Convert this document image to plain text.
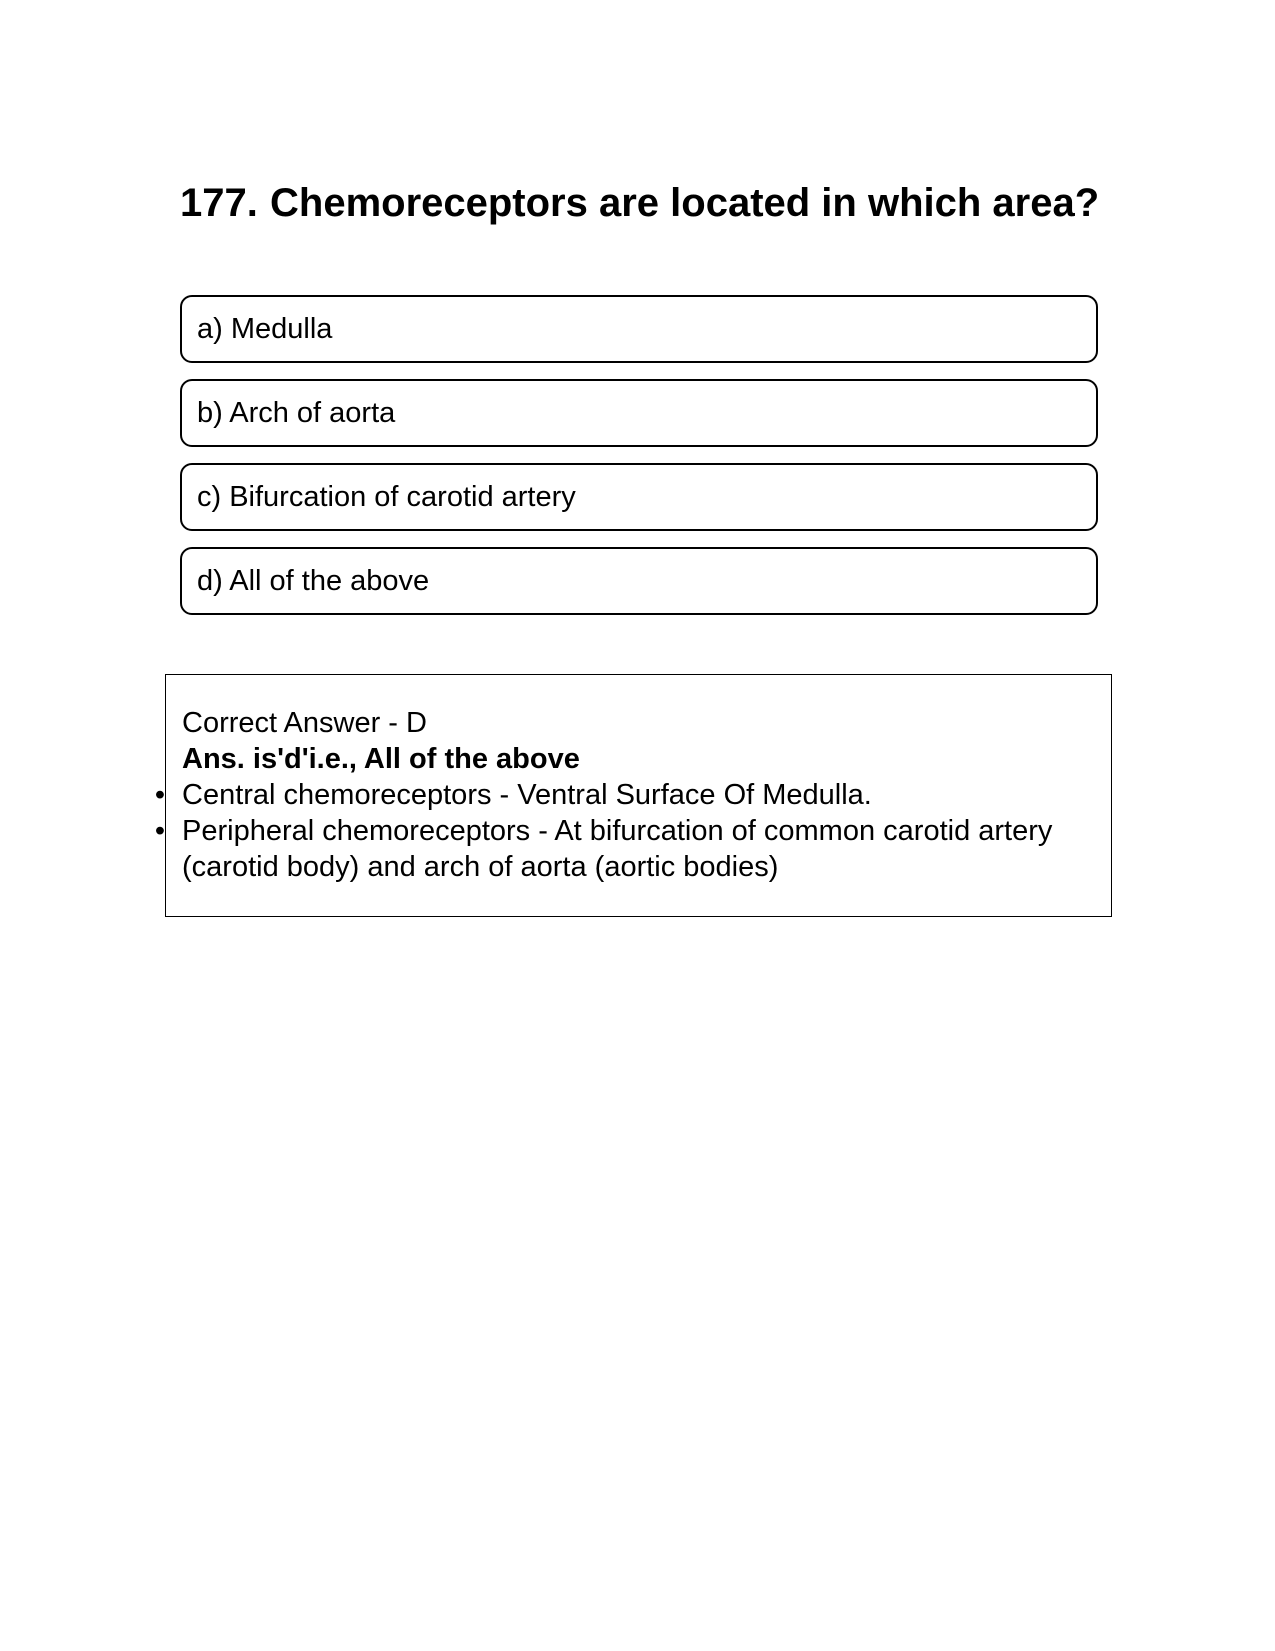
177. Chemoreceptors are located in which area?
a) Medulla
b) Arch of aorta
c) Bifurcation of carotid artery
d) All of the above
Correct Answer - D
Ans. is'd'i.e., All of the above
• Central chemoreceptors - Ventral Surface Of Medulla.
• Peripheral chemoreceptors - At bifurcation of common carotid artery (carotid body) and arch of aorta (aortic bodies)
